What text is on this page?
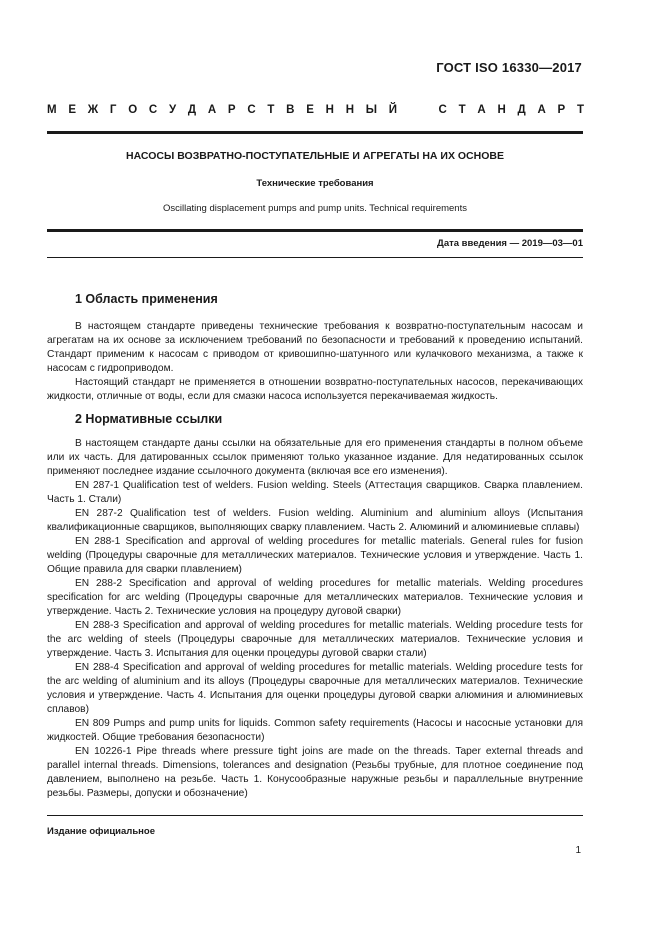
ГОСТ ISO 16330—2017
М Е Ж Г О С У Д А Р С Т В Е Н Н Ы Й	С Т А Н Д А Р Т
НАСОСЫ ВОЗВРАТНО-ПОСТУПАТЕЛЬНЫЕ И АГРЕГАТЫ НА ИХ ОСНОВЕ
Технические требования
Oscillating displacement pumps and pump units. Technical requirements
Дата введения — 2019—03—01
1 Область применения

В настоящем стандарте приведены технические требования к возвратно-поступательным насосам и агрегатам на их основе за исключением требований по безопасности и требований к проведению испытаний. Стандарт применим к насосам с приводом от кривошипно-шатунного или кулачкового механизма, а также к насосам с гидроприводом.

Настоящий стандарт не применяется в отношении возвратно-поступательных насосов, перекачивающих жидкости, отличные от воды, если для смазки насоса используется перекачиваемая жидкость.

2 Нормативные ссылки

В настоящем стандарте даны ссылки на обязательные для его применения стандарты в полном объеме или их часть. Для датированных ссылок применяют только указанное издание. Для недатированных ссылок применяют последнее издание ссылочного документа (включая все его изменения).

EN 287-1 Qualification test of welders. Fusion welding. Steels (Аттестация сварщиков. Сварка плавлением. Часть 1. Стали)

EN 287-2 Qualification test of welders. Fusion welding. Aluminium and aluminium alloys (Испытания квалификационные сварщиков, выполняющих сварку плавлением. Часть 2. Алюминий и алюминиевые сплавы)

EN 288-1 Specification and approval of welding procedures for metallic materials. General rules for fusion welding (Процедуры сварочные для металлических материалов. Технические условия и утверждение. Часть 1. Общие правила для сварки плавлением)

EN 288-2 Specification and approval of welding procedures for metallic materials. Welding procedures specification for arc welding (Процедуры сварочные для металлических материалов. Технические условия и утверждение. Часть 2. Технические условия на процедуру дуговой сварки)

EN 288-3 Specification and approval of welding procedures for metallic materials. Welding procedure tests for the arc welding of steels (Процедуры сварочные для металлических материалов. Технические условия и утверждение. Часть 3. Испытания для оценки процедуры дуговой сварки стали)

EN 288-4 Specification and approval of welding procedures for metallic materials. Welding procedure tests for the arc welding of aluminium and its alloys (Процедуры сварочные для металлических материалов. Технические условия и утверждение. Часть 4. Испытания для оценки процедуры дуговой сварки алюминия и алюминиевых сплавов)

EN 809 Pumps and pump units for liquids. Common safety requirements (Насосы и насосные установки для жидкостей. Общие требования безопасности)

EN 10226-1 Pipe threads where pressure tight joins are made on the threads. Taper external threads and parallel internal threads. Dimensions, tolerances and designation (Резьбы трубные, для плотное соединение под давлением, выполнено на резьбе. Часть 1. Конусообразные наружные резьбы и параллельные внутренние резьбы. Размеры, допуски и обозначение)

Издание официальное
1
